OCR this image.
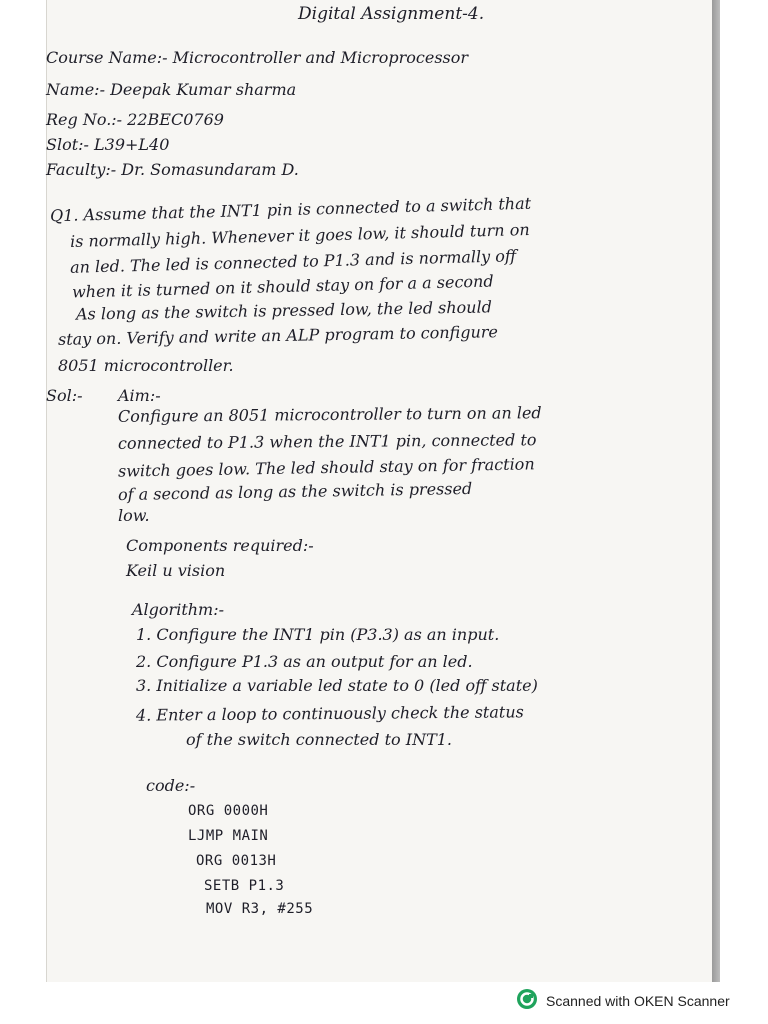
Digital Assignment-4.
Course Name:- Microcontroller and Microprocessor
Name:- Deepak Kumar sharma
Reg No.:- 22BEC0769
Slot:- L39+L40
Faculty:- Dr. Somasundaram D.
Q1. Assume that the INT1 pin is connected to a switch that
is normally high. Whenever it goes low, it should turn on
an led. The led is connected to P1.3 and is normally off
when it is turned on it should stay on for a a second
As long as the switch is pressed low, the led should
stay on. Verify and write an ALP program to configure
8051 microcontroller.
Sol:- Aim:-
Configure an 8051 microcontroller to turn on an led
connected to P1.3 when the INT1 pin, connected to
switch goes low. The led should stay on for fraction
of a second as long as the switch is pressed
low.
Components required:-
Keil u vision
Algorithm:-
1. Configure the INT1 pin (P3.3) as an input.
2. Configure P1.3 as an output for an led.
3. Initialize a variable led state to 0 (led off state)
4. Enter a loop to continuously check the status
of the switch connected to INT1.
code:-
ORG 0000H
LJMP MAIN
ORG 0013H
SETB P1.3
MOV R3, #255
Scanned with OKEN Scanner
